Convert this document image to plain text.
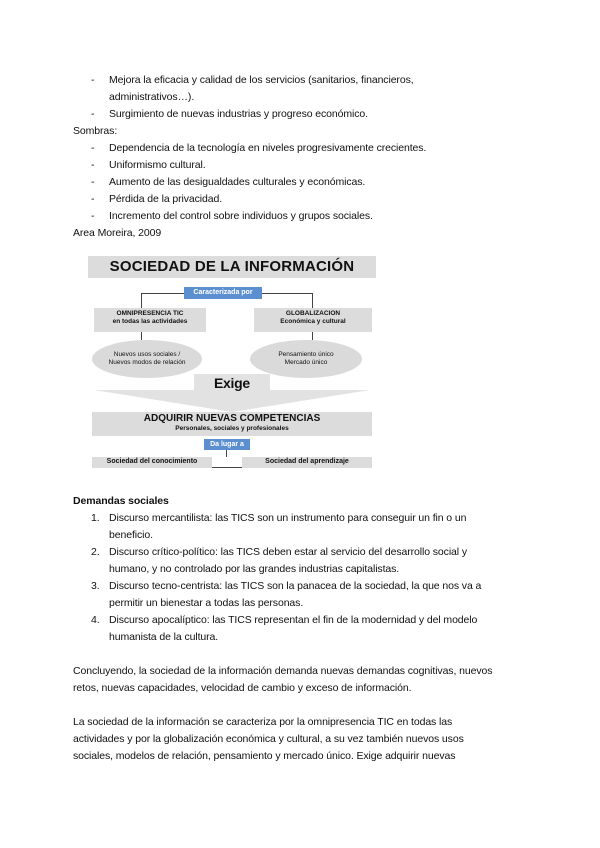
- Mejora la eficacia y calidad de los servicios (sanitarios, financieros,
administrativos…).
- Surgimiento de nuevas industrias y progreso económico.
Sombras:
- Dependencia de la tecnología en niveles progresivamente crecientes.
- Uniformismo cultural.
- Aumento de las desigualdades culturales y económicas.
- Pérdida de la privacidad.
- Incremento del control sobre individuos y grupos sociales.
Area Moreira, 2009
SOCIEDAD DE LA INFORMACIÓN
Caracterizada por
OMNIPRESENCIA TIC
en todas las actividades
GLOBALIZACION
Económica y cultural
Nuevos usos sociales /
Nuevos modos de relación
Pensamiento único
Mercado único
Exige
ADQUIRIR NUEVAS COMPETENCIAS
Personales, sociales y profesionales
Da lugar a
Sociedad del conocimiento	Sociedad del aprendizaje
Demandas sociales
1. Discurso mercantilista: las TICS son un instrumento para conseguir un fin o un
beneficio.
2. Discurso crítico-político: las TICS deben estar al servicio del desarrollo social y
humano, y no controlado por las grandes industrias capitalistas.
3. Discurso tecno-centrista: las TICS son la panacea de la sociedad, la que nos va a
permitir un bienestar a todas las personas.
4. Discurso apocalíptico: las TICS representan el fin de la modernidad y del modelo
humanista de la cultura.
Concluyendo, la sociedad de la información demanda nuevas demandas cognitivas, nuevos
retos, nuevas capacidades, velocidad de cambio y exceso de información.
La sociedad de la información se caracteriza por la omnipresencia TIC en todas las
actividades y por la globalización económica y cultural, a su vez también nuevos usos
sociales, modelos de relación, pensamiento y mercado único. Exige adquirir nuevas
